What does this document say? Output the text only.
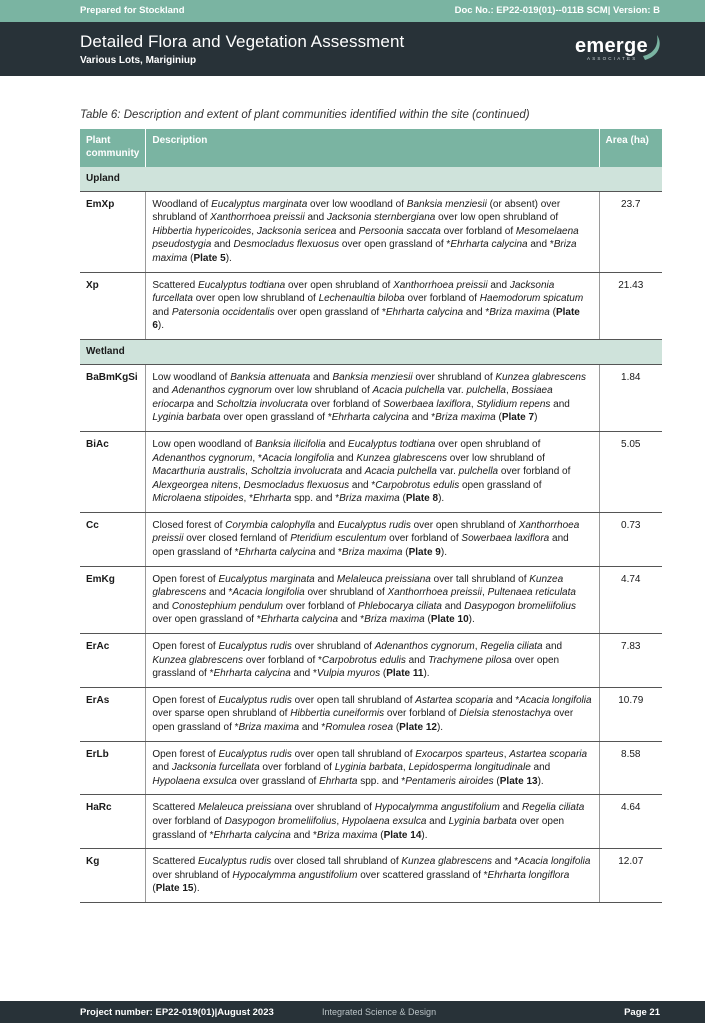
Prepared for Stockland	Doc No.: EP22-019(01)--011B SCM| Version: B
Detailed Flora and Vegetation Assessment
Various Lots, Mariginiup
emerge
ASSOCIATES
Table 6: Description and extent of plant communities identified within the site (continued)
Plant community	Description	Area (ha)
Upland		
EmXp	Woodland of Eucalyptus marginata over low woodland of Banksia menziesii (or absent) over shrubland of Xanthorrhoea preissii and Jacksonia sternbergiana over low open shrubland of Hibbertia hypericoides, Jacksonia sericea and Persoonia saccata over forbland of Mesomelaena pseudostygia and Desmocladus flexuosus over open grassland of *Ehrharta calycina and *Briza maxima (Plate 5).	23.7
Xp	Scattered Eucalyptus todtiana over open shrubland of Xanthorrhoea preissii and Jacksonia furcellata over open low shrubland of Lechenaultia biloba over forbland of Haemodorum spicatum and Patersonia occidentalis over open grassland of *Ehrharta calycina and *Briza maxima (Plate 6).	21.43
Wetland		
BaBmKgSi	Low woodland of Banksia attenuata and Banksia menziesii over shrubland of Kunzea glabrescens and Adenanthos cygnorum over low shrubland of Acacia pulchella var. pulchella, Bossiaea eriocarpa and Scholtzia involucrata over forbland of Sowerbaea laxiflora, Stylidium repens and Lyginia barbata over open grassland of *Ehrharta calycina and *Briza maxima (Plate 7)	1.84
BiAc	Low open woodland of Banksia ilicifolia and Eucalyptus todtiana over open shrubland of Adenanthos cygnorum, *Acacia longifolia and Kunzea glabrescens over low shrubland of Macarthuria australis, Scholtzia involucrata and Acacia pulchella var. pulchella over forbland of Alexgeorgea nitens, Desmocladus flexuosus and *Carpobrotus edulis open grassland of Microlaena stipoides, *Ehrharta spp. and *Briza maxima (Plate 8).	5.05
Cc	Closed forest of Corymbia calophylla and Eucalyptus rudis over open shrubland of Xanthorrhoea preissii over closed fernland of Pteridium esculentum over forbland of Sowerbaea laxiflora and open grassland of *Ehrharta calycina and *Briza maxima (Plate 9).	0.73
EmKg	Open forest of Eucalyptus marginata and Melaleuca preissiana over tall shrubland of Kunzea glabrescens and *Acacia longifolia over shrubland of Xanthorrhoea preissii, Pultenaea reticulata and Conostephium pendulum over forbland of Phlebocarya ciliata and Dasypogon bromeliifolius over open grassland of *Ehrharta calycina and *Briza maxima (Plate 10).	4.74
ErAc	Open forest of Eucalyptus rudis over shrubland of Adenanthos cygnorum, Regelia ciliata and Kunzea glabrescens over forbland of *Carpobrotus edulis and Trachymene pilosa over open grassland of *Ehrharta calycina and *Vulpia myuros (Plate 11).	7.83
ErAs	Open forest of Eucalyptus rudis over open tall shrubland of Astartea scoparia and *Acacia longifolia over sparse open shrubland of Hibbertia cuneiformis over forbland of Dielsia stenostachya over open grassland of *Briza maxima and *Romulea rosea (Plate 12).	10.79
ErLb	Open forest of Eucalyptus rudis over open tall shrubland of Exocarpos sparteus, Astartea scoparia and Jacksonia furcellata over forbland of Lyginia barbata, Lepidosperma longitudinale and Hypolaena exsulca over grassland of Ehrharta spp. and *Pentameris airoides (Plate 13).	8.58
HaRc	Scattered Melaleuca preissiana over shrubland of Hypocalymma angustifolium and Regelia ciliata over forbland of Dasypogon bromeliifolius, Hypolaena exsulca and Lyginia barbata over open grassland of *Ehrharta calycina and *Briza maxima (Plate 14).	4.64
Kg	Scattered Eucalyptus rudis over closed tall shrubland of Kunzea glabrescens and *Acacia longifolia over shrubland of Hypocalymma angustifolium over scattered grassland of *Ehrharta longiflora (Plate 15).	12.07
Project number: EP22-019(01)|August 2023	Integrated Science & Design	Page 21
